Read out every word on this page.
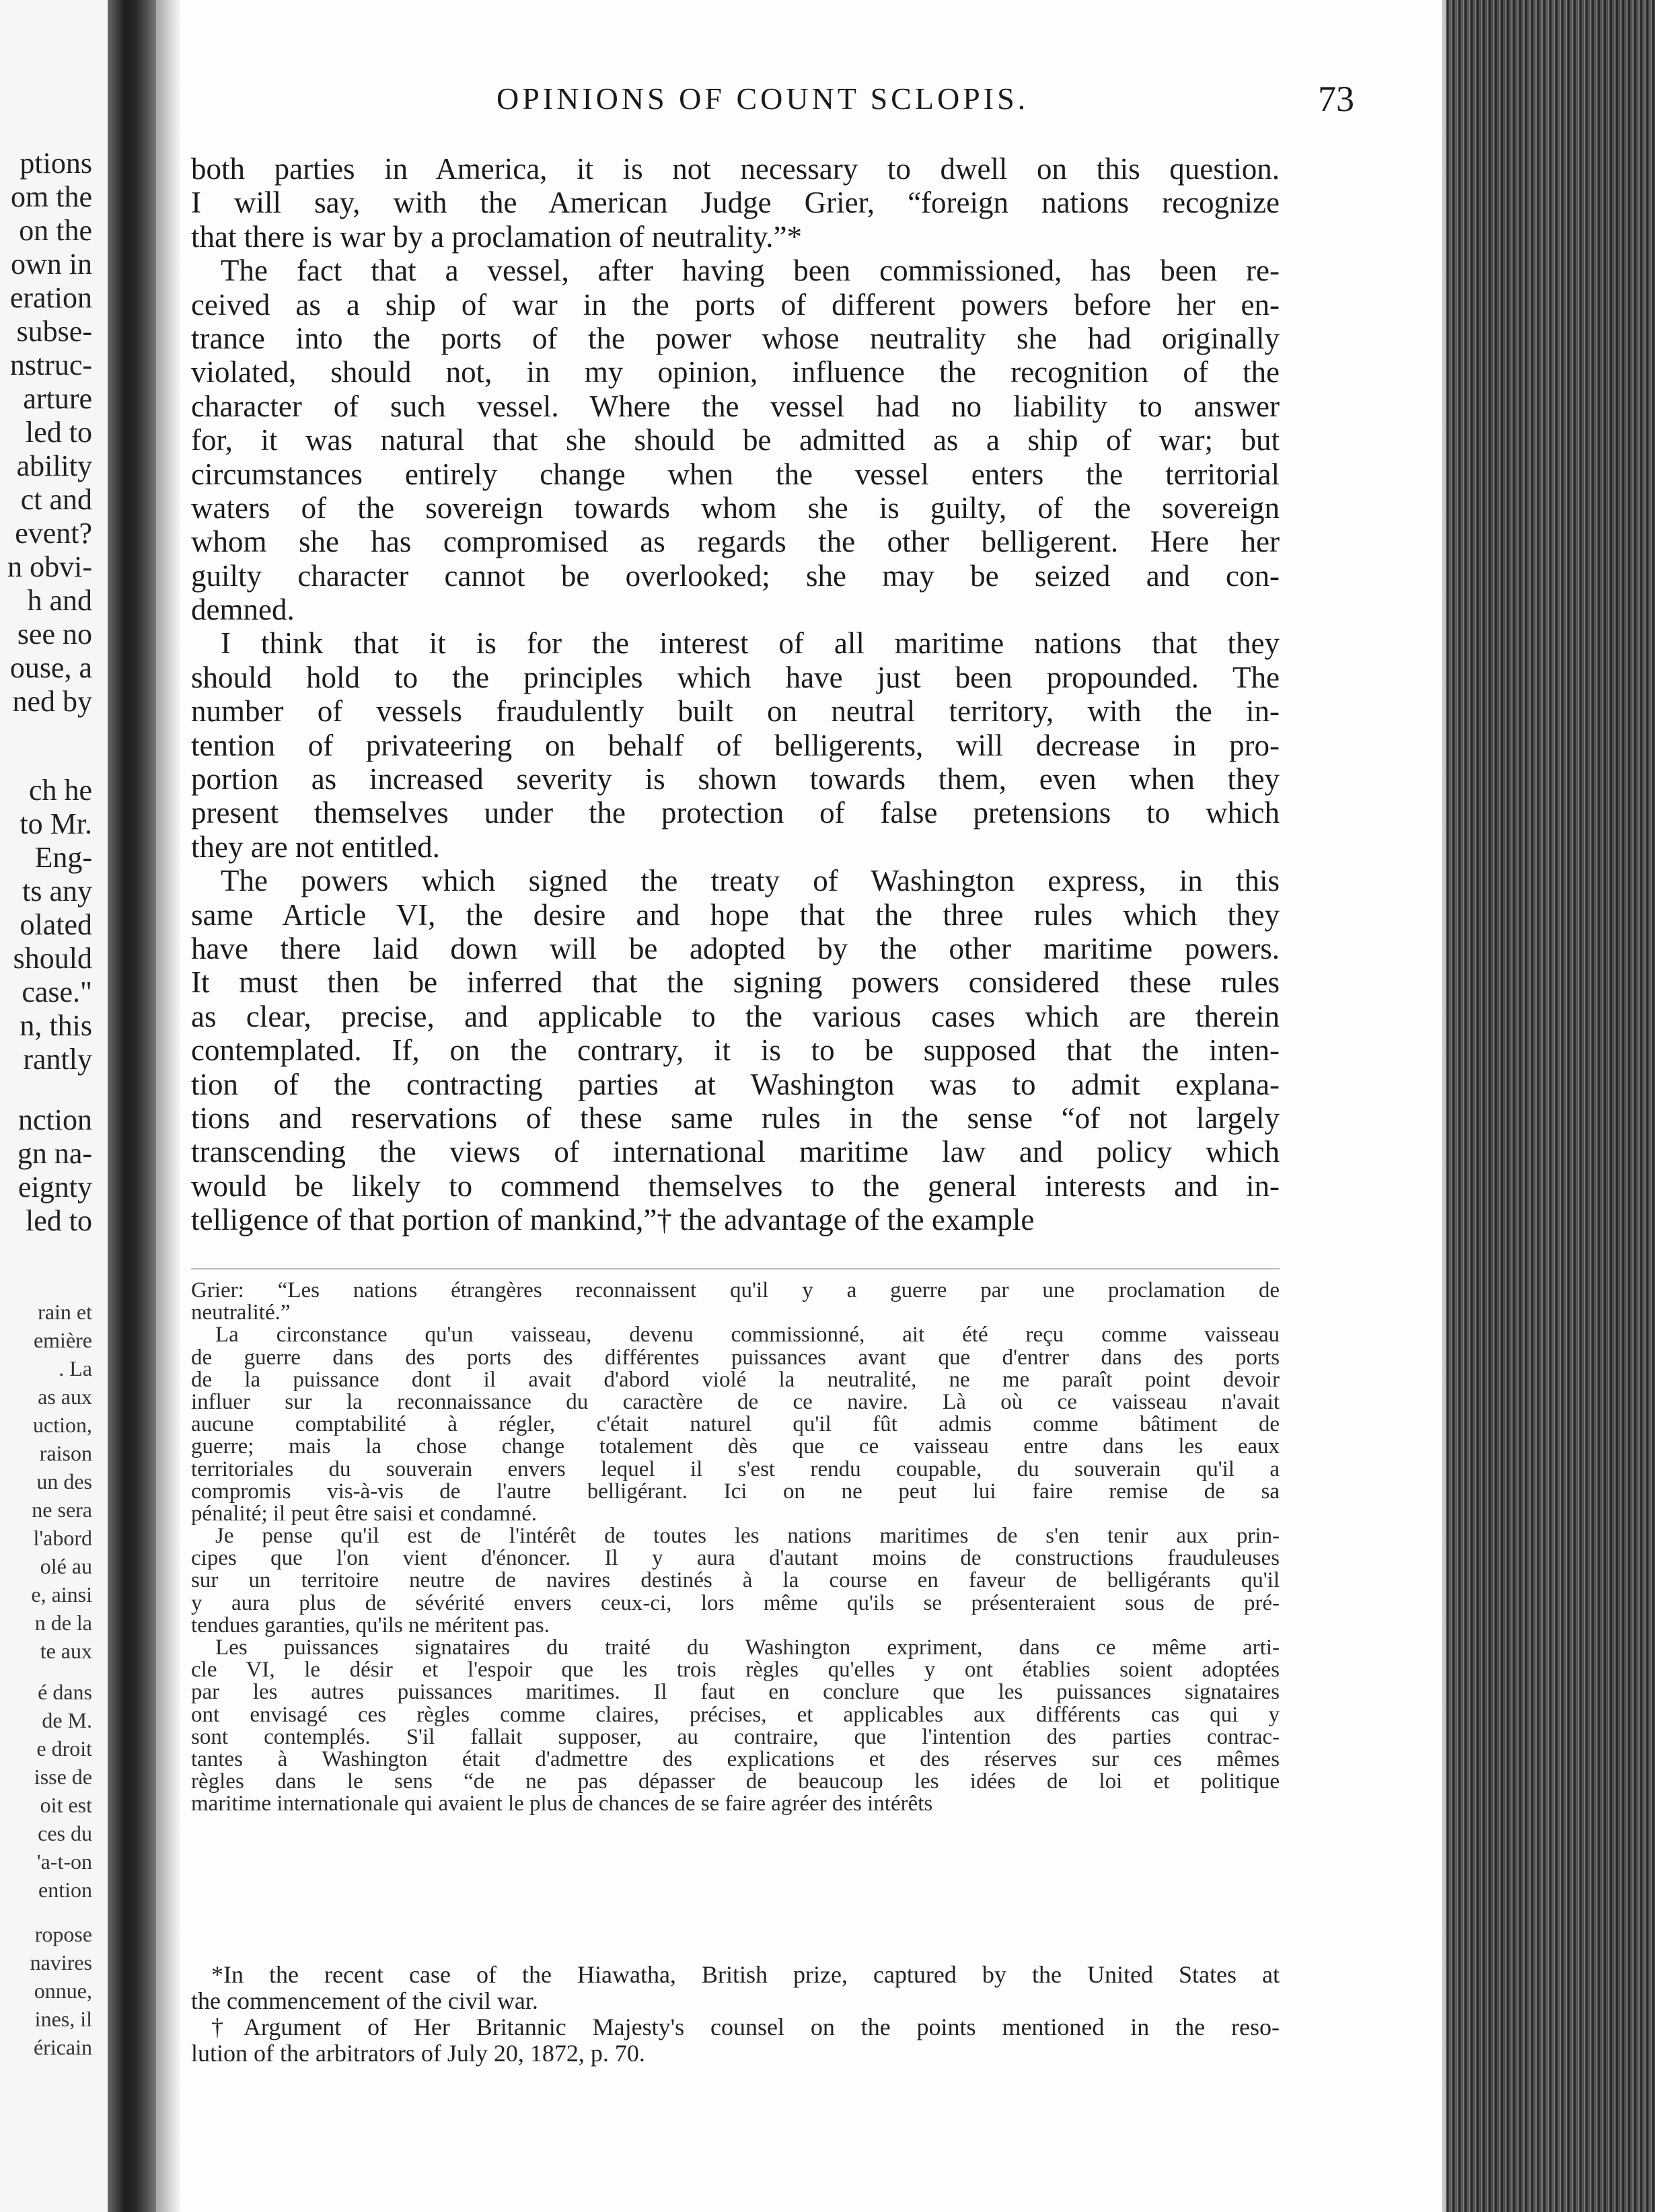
ptions
om the
on the
own in
eration
subse-
nstruc-
arture
led to
ability
ct and
event?
n obvi-
h and
see no
ouse, a
ned by
ch he
to Mr.
Eng-
ts any
olated
should
case."
n, this
rantly
nction
gn na-
eignty
led to
rain et
emière
. La
as aux
uction,
raison
un des
ne sera
l'abord
olé au
e, ainsi
n de la
te aux
é dans
de M.
e droit
isse de
oit est
ces du
'a-t-on
ention
ropose
navires
onnue,
ines, il
éricain
OPINIONS OF COUNT SCLOPIS.	73
both parties in America, it is not necessary to dwell on this question.
I will say, with the American Judge Grier, “foreign nations recognize
that there is war by a proclamation of neutrality.”*
The fact that a vessel, after having been commissioned, has been re-
ceived as a ship of war in the ports of different powers before her en-
trance into the ports of the power whose neutrality she had originally
violated, should not, in my opinion, influence the recognition of the
character of such vessel. Where the vessel had no liability to answer
for, it was natural that she should be admitted as a ship of war; but
circumstances entirely change when the vessel enters the territorial
waters of the sovereign towards whom she is guilty, of the sovereign
whom she has compromised as regards the other belligerent. Here her
guilty character cannot be overlooked; she may be seized and con-
demned.
I think that it is for the interest of all maritime nations that they
should hold to the principles which have just been propounded. The
number of vessels fraudulently built on neutral territory, with the in-
tention of privateering on behalf of belligerents, will decrease in pro-
portion as increased severity is shown towards them, even when they
present themselves under the protection of false pretensions to which
they are not entitled.
The powers which signed the treaty of Washington express, in this
same Article VI, the desire and hope that the three rules which they
have there laid down will be adopted by the other maritime powers.
It must then be inferred that the signing powers considered these rules
as clear, precise, and applicable to the various cases which are therein
contemplated. If, on the contrary, it is to be supposed that the inten-
tion of the contracting parties at Washington was to admit explana-
tions and reservations of these same rules in the sense “of not largely
transcending the views of international maritime law and policy which
would be likely to commend themselves to the general interests and in-
telligence of that portion of mankind,”† the advantage of the example
Grier: “Les nations étrangères reconnaissent qu'il y a guerre par une proclamation de
neutralité.”
La circonstance qu'un vaisseau, devenu commissionné, ait été reçu comme vaisseau
de guerre dans des ports des différentes puissances avant que d'entrer dans des ports
de la puissance dont il avait d'abord violé la neutralité, ne me paraît point devoir
influer sur la reconnaissance du caractère de ce navire. Là où ce vaisseau n'avait
aucune comptabilité à régler, c'était naturel qu'il fût admis comme bâtiment de
guerre; mais la chose change totalement dès que ce vaisseau entre dans les eaux
territoriales du souverain envers lequel il s'est rendu coupable, du souverain qu'il a
compromis vis-à-vis de l'autre belligérant. Ici on ne peut lui faire remise de sa
pénalité; il peut être saisi et condamné.
Je pense qu'il est de l'intérêt de toutes les nations maritimes de s'en tenir aux prin-
cipes que l'on vient d'énoncer. Il y aura d'autant moins de constructions frauduleuses
sur un territoire neutre de navires destinés à la course en faveur de belligérants qu'il
y aura plus de sévérité envers ceux-ci, lors même qu'ils se présenteraient sous de pré-
tendues garanties, qu'ils ne méritent pas.
Les puissances signataires du traité du Washington expriment, dans ce même arti-
cle VI, le désir et l'espoir que les trois règles qu'elles y ont établies soient adoptées
par les autres puissances maritimes. Il faut en conclure que les puissances signataires
ont envisagé ces règles comme claires, précises, et applicables aux différents cas qui y
sont contemplés. S'il fallait supposer, au contraire, que l'intention des parties contrac-
tantes à Washington était d'admettre des explications et des réserves sur ces mêmes
règles dans le sens “de ne pas dépasser de beaucoup les idées de loi et politique
maritime internationale qui avaient le plus de chances de se faire agréer des intérêts
*In the recent case of the Hiawatha, British prize, captured by the United States at
the commencement of the civil war.
†Argument of Her Britannic Majesty's counsel on the points mentioned in the reso-
lution of the arbitrators of July 20, 1872, p. 70.
